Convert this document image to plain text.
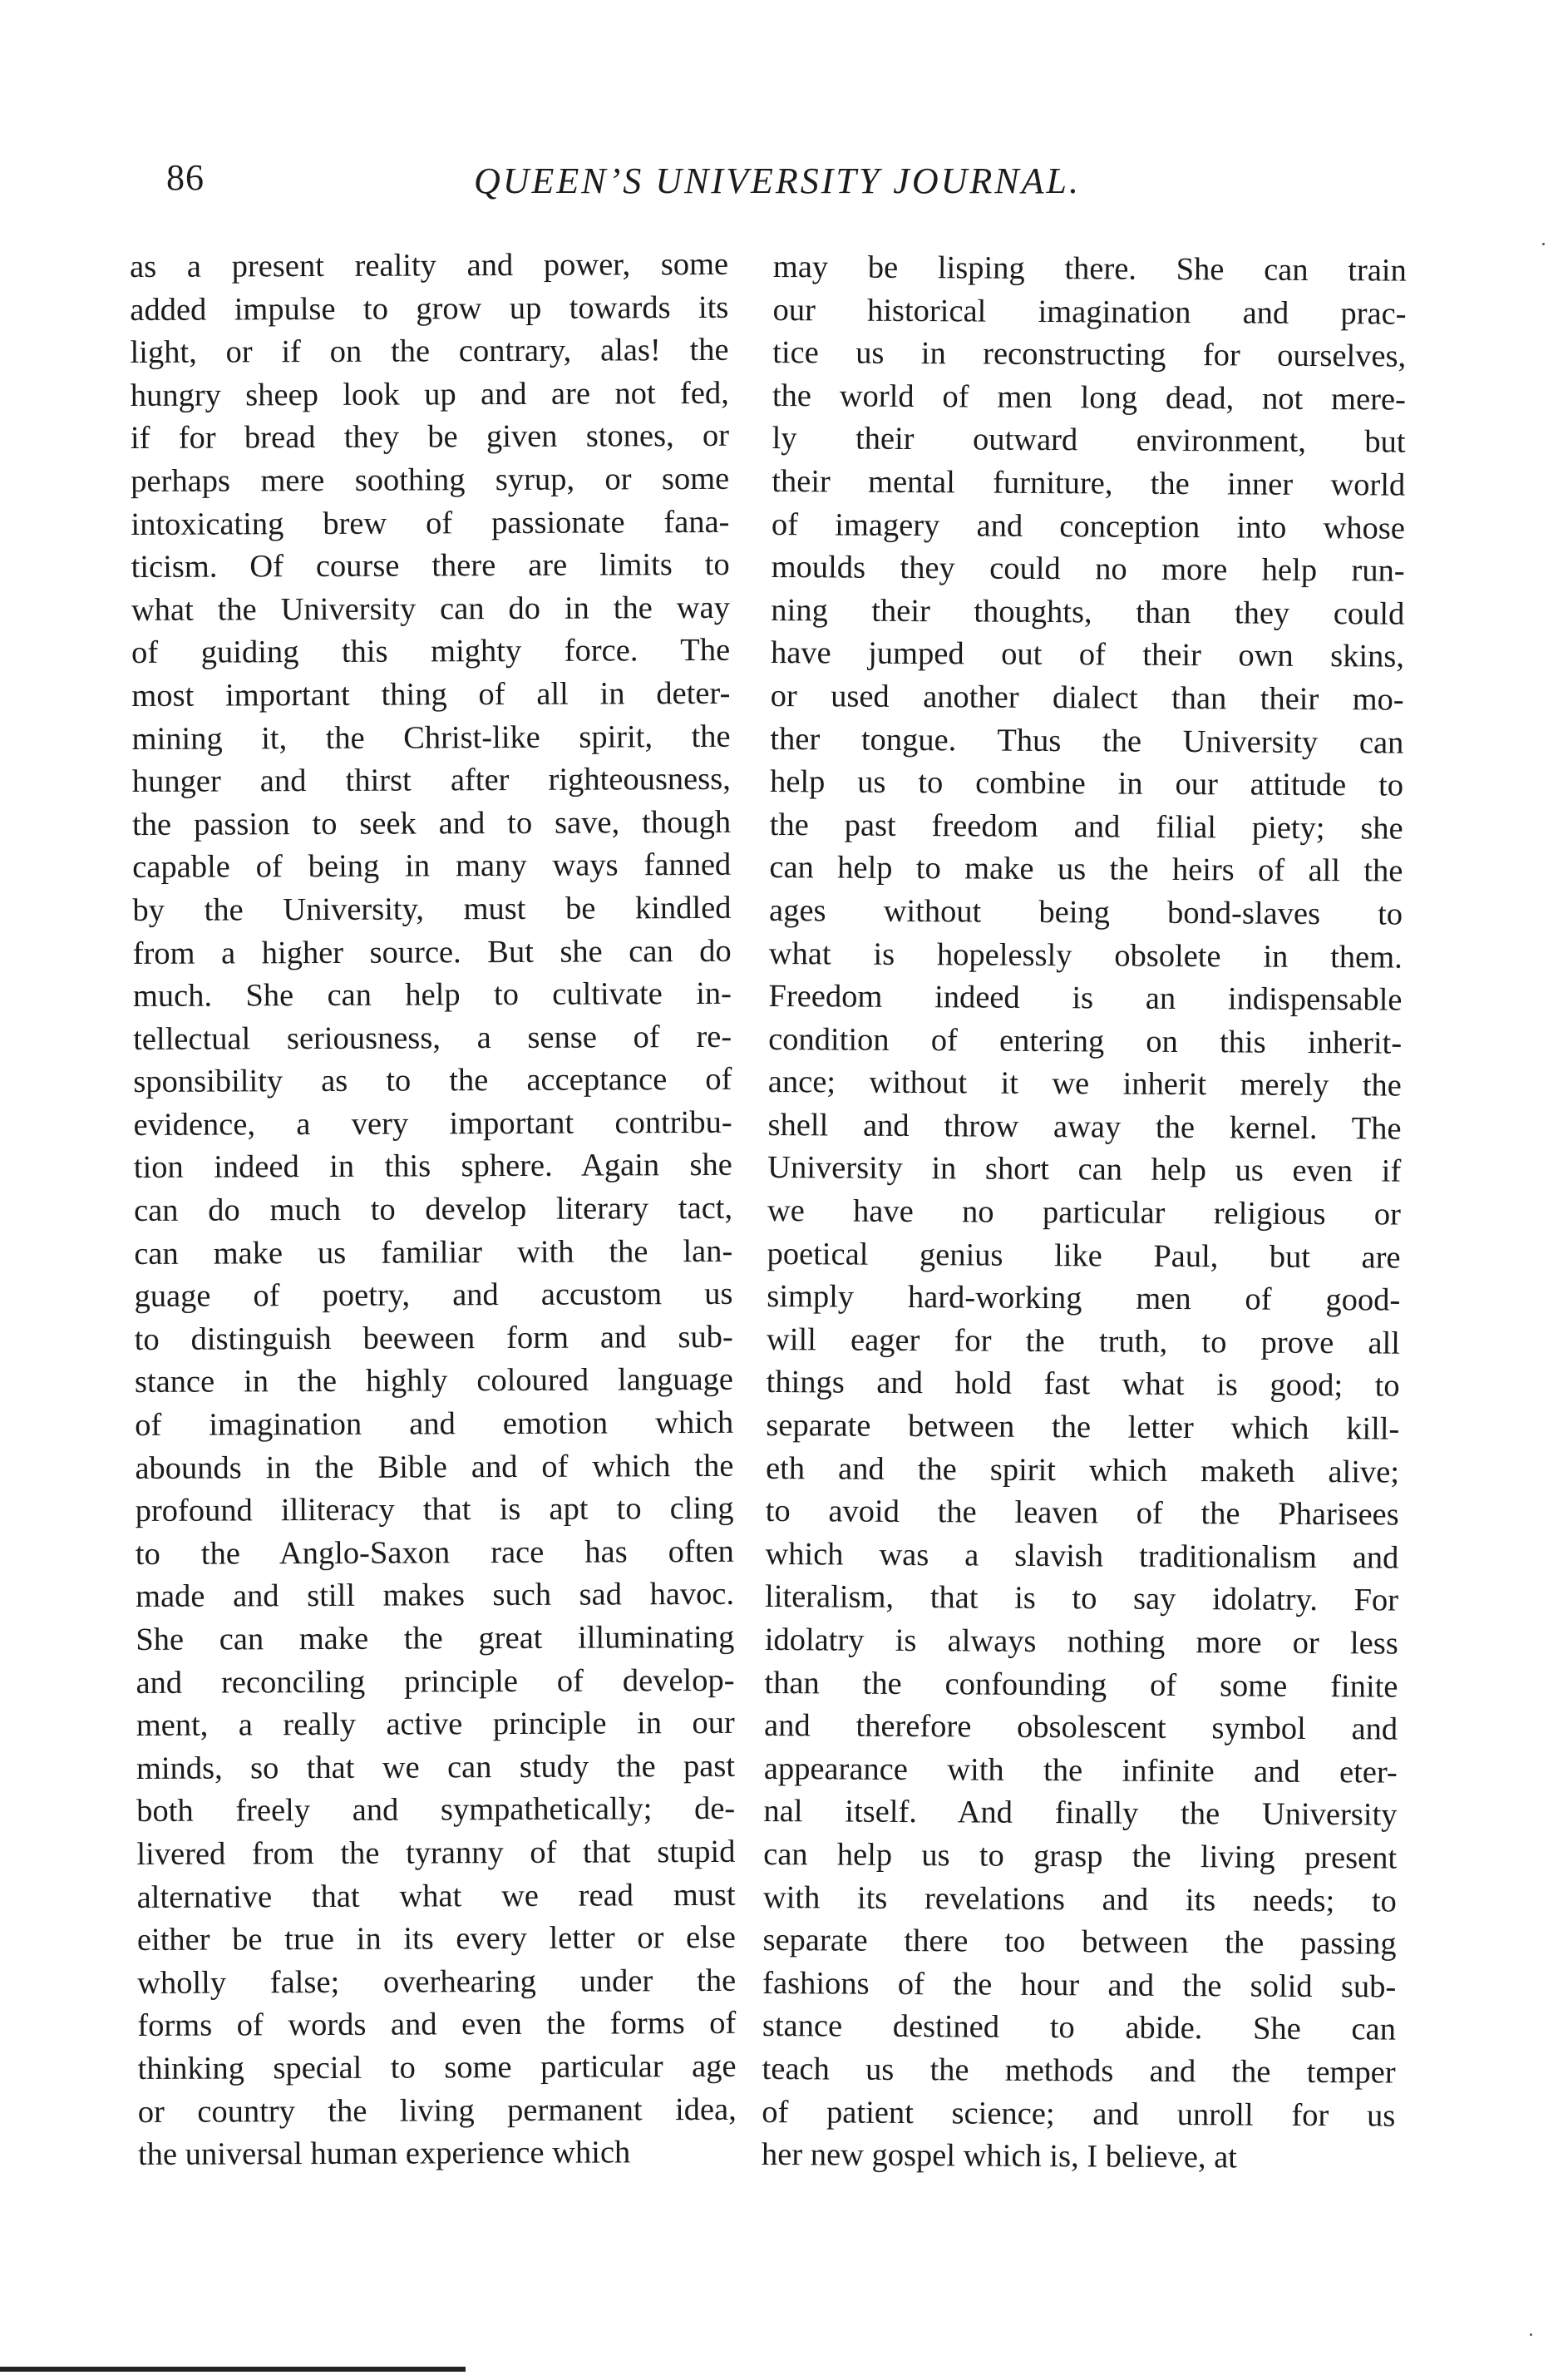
86	QUEEN’S UNIVERSITY JOURNAL.
as a present reality and power, some
added impulse to grow up towards its
light, or if on the contrary, alas! the
hungry sheep look up and are not fed,
if for bread they be given stones, or
perhaps mere soothing syrup, or some
intoxicating brew of passionate fana-
ticism. Of course there are limits to
what the University can do in the way
of guiding this mighty force. The
most important thing of all in deter-
mining it, the Christ-like spirit, the
hunger and thirst after righteousness,
the passion to seek and to save, though
capable of being in many ways fanned
by the University, must be kindled
from a higher source. But she can do
much. She can help to cultivate in-
tellectual seriousness, a sense of re-
sponsibility as to the acceptance of
evidence, a very important contribu-
tion indeed in this sphere. Again she
can do much to develop literary tact,
can make us familiar with the lan-
guage of poetry, and accustom us
to distinguish beeween form and sub-
stance in the highly coloured language
of imagination and emotion which
abounds in the Bible and of which the
profound illiteracy that is apt to cling
to the Anglo-Saxon race has often
made and still makes such sad havoc.
She can make the great illuminating
and reconciling principle of develop-
ment, a really active principle in our
minds, so that we can study the past
both freely and sympathetically; de-
livered from the tyranny of that stupid
alternative that what we read must
either be true in its every letter or else
wholly false; overhearing under the
forms of words and even the forms of
thinking special to some particular age
or country the living permanent idea,
the universal human experience which
may be lisping there. She can train
our historical imagination and prac-
tice us in reconstructing for ourselves,
the world of men long dead, not mere-
ly their outward environment, but
their mental furniture, the inner world
of imagery and conception into whose
moulds they could no more help run-
ning their thoughts, than they could
have jumped out of their own skins,
or used another dialect than their mo-
ther tongue. Thus the University can
help us to combine in our attitude to
the past freedom and filial piety; she
can help to make us the heirs of all the
ages without being bond-slaves to
what is hopelessly obsolete in them.
Freedom indeed is an indispensable
condition of entering on this inherit-
ance; without it we inherit merely the
shell and throw away the kernel. The
University in short can help us even if
we have no particular religious or
poetical genius like Paul, but are
simply hard-working men of good-
will eager for the truth, to prove all
things and hold fast what is good; to
separate between the letter which kill-
eth and the spirit which maketh alive;
to avoid the leaven of the Pharisees
which was a slavish traditionalism and
literalism, that is to say idolatry. For
idolatry is always nothing more or less
than the confounding of some finite
and therefore obsolescent symbol and
appearance with the infinite and eter-
nal itself. And finally the University
can help us to grasp the living present
with its revelations and its needs; to
separate there too between the passing
fashions of the hour and the solid sub-
stance destined to abide. She can
teach us the methods and the temper
of patient science; and unroll for us
her new gospel which is, I believe, at
